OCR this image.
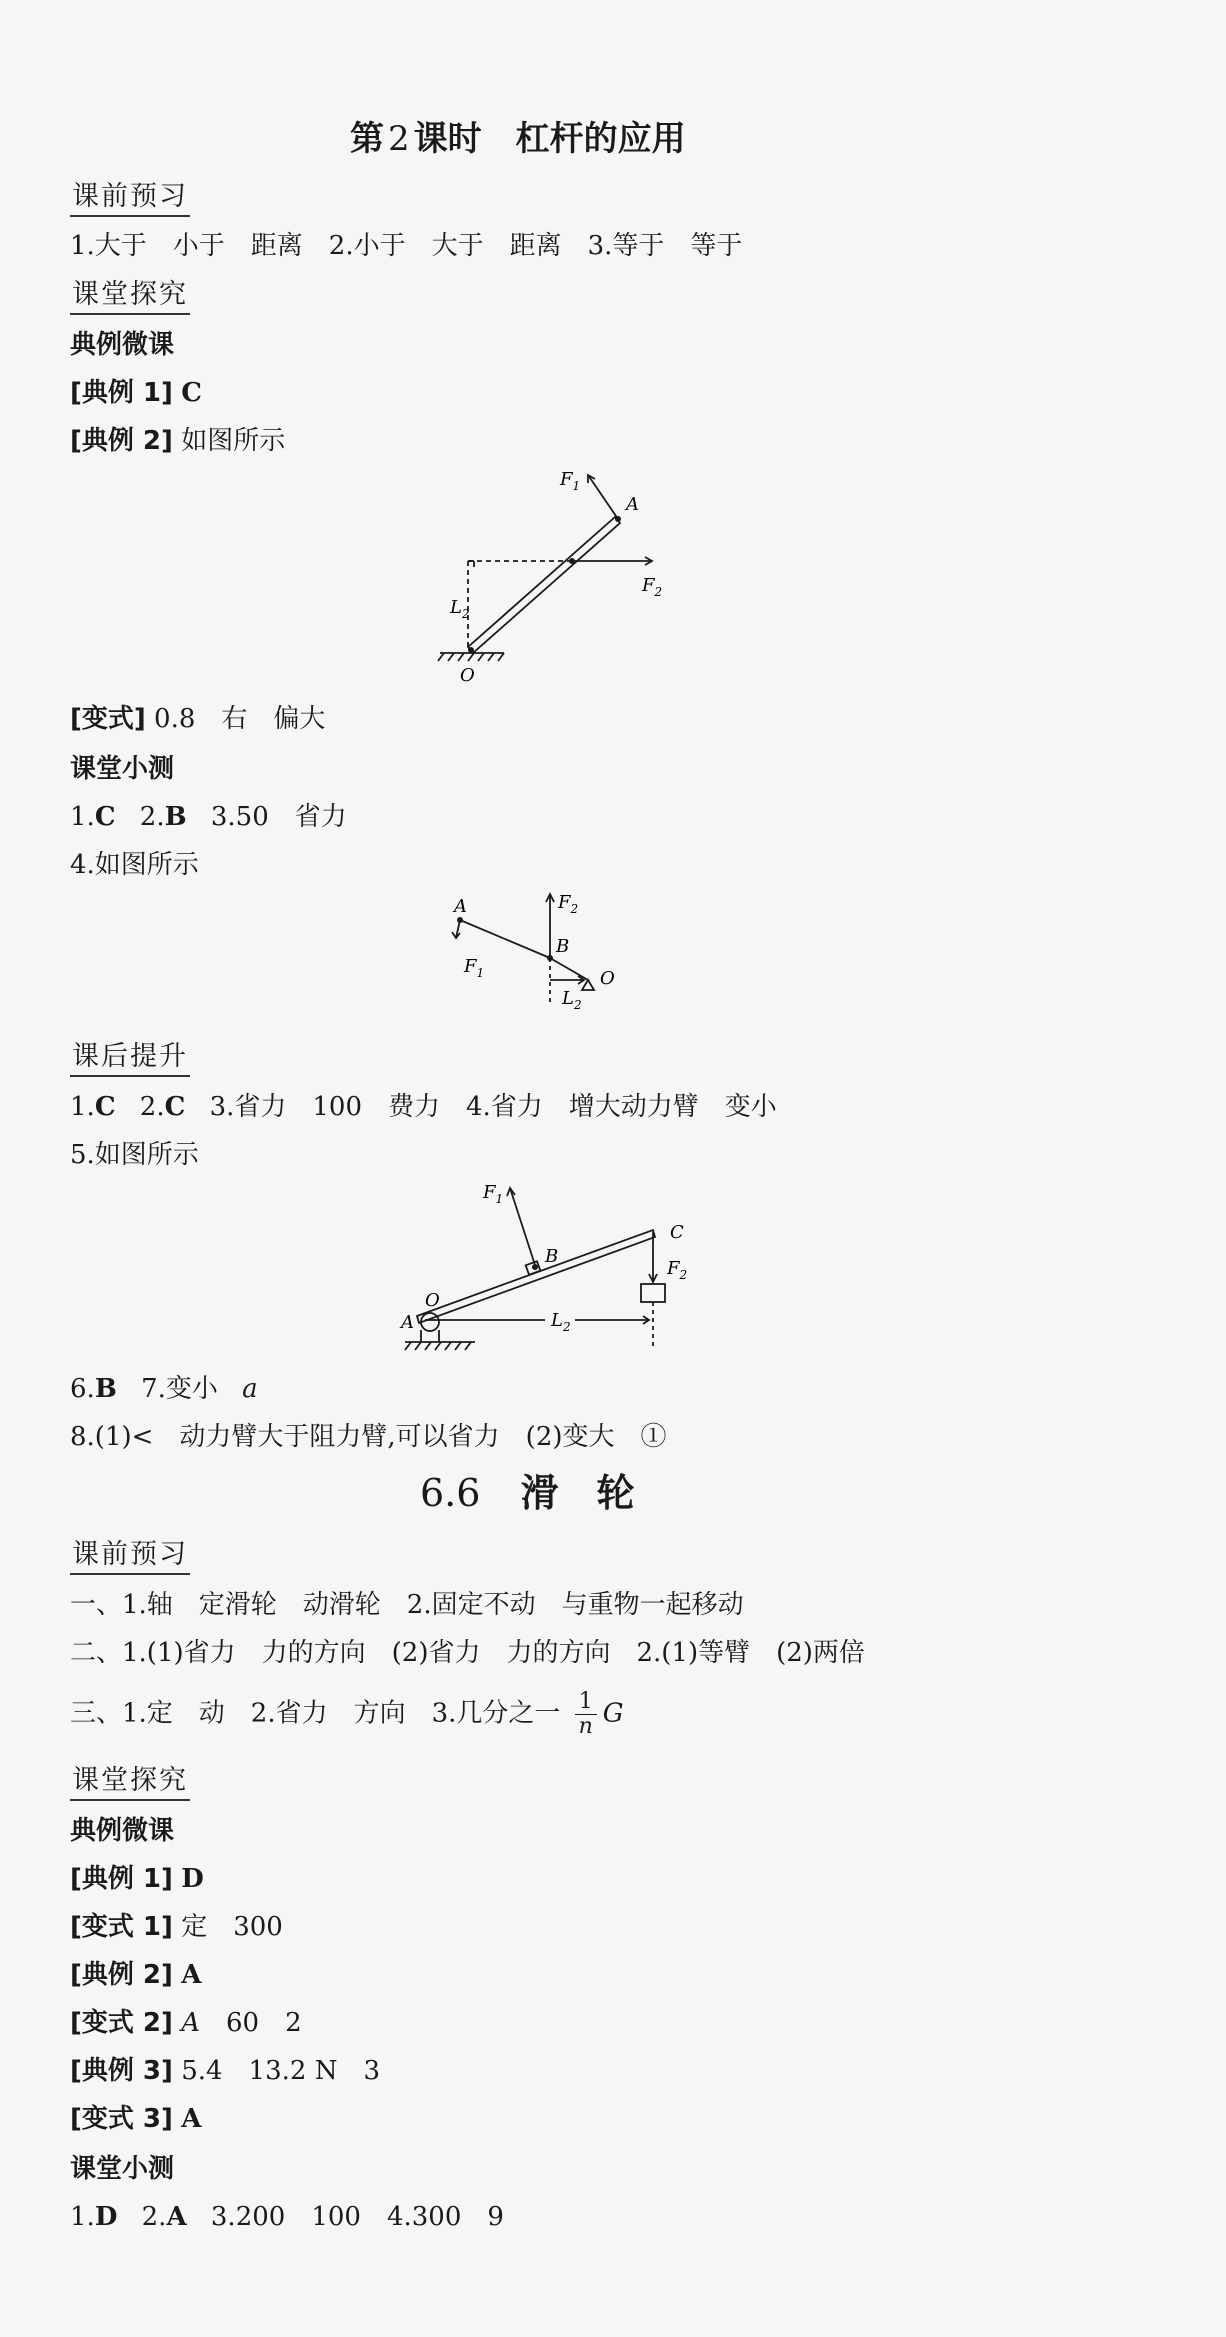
第 2 课时 杠杆的应用
课前预习
1.大于　小于　距离　2.小于　大于　距离　3.等于　等于
课堂探究
典例微课
[典例 1] C
[典例 2] 如图所示
$F_1$
A
$L_2$
$F_2$
O
[变式] 0.8　右　偏大
课堂小测
1.C 2.B 3.50　省力
4.如图所示
A	$F_2$
B
$F_1$	O
$L_2$
课后提升
1.C 2.C 3.省力　100　费力　4.省力　增大动力臂　变小
5.如图所示
$F_1$
C
B
$F_2$
O
A	$L_2$
6.B 7.变小 a
8.(1)<　动力臂大于阻力臂,可以省力　(2)变大　①
6.6 滑　轮
课前预习
一、1.轴　定滑轮　动滑轮　2.固定不动　与重物一起移动
二、1.(1)省力　力的方向　(2)省力　力的方向　2.(1)等臂　(2)两倍
三、1.定　动　2.省力　方向　3.几分之一 $\frac{1}{n}$ G
课堂探究
典例微课
[典例 1] D
[变式 1] 定　300
[典例 2] A
[变式 2] A　 60　2
[典例 3] 5.4　13.2 N　3
[变式 3] A
课堂小测
1.D 2.A 3.200　100　4.300　9
